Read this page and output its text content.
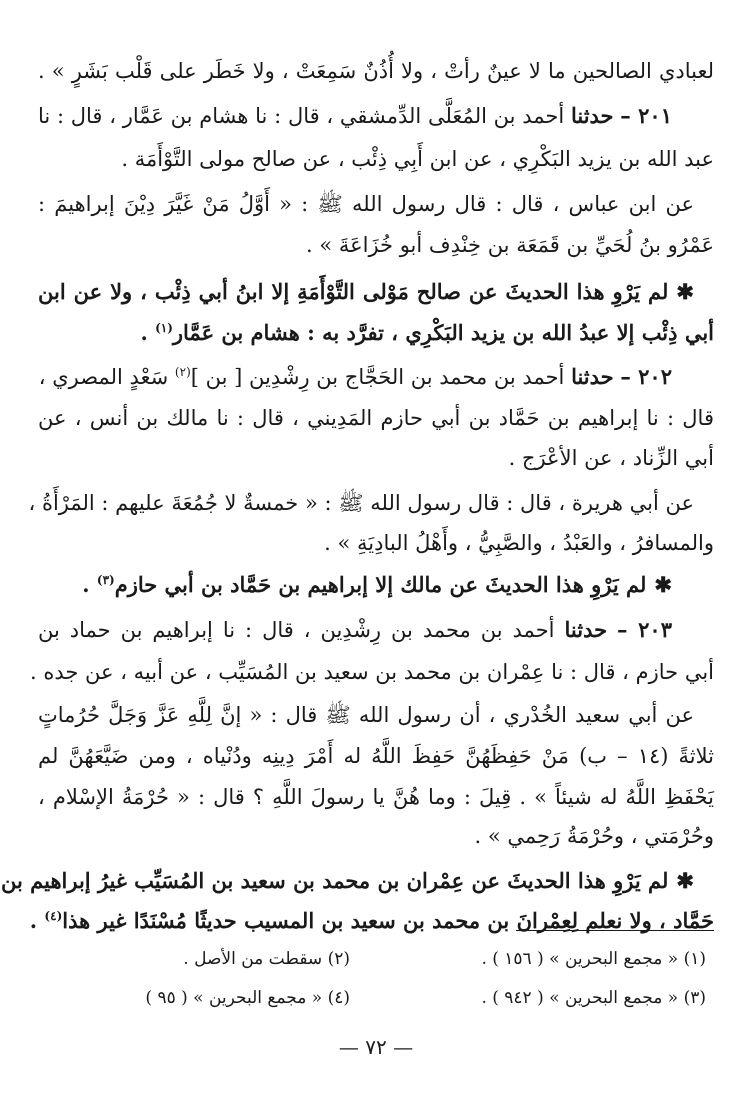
لعبادي الصالحين ما لا عينٌ رأتْ ، ولا أُذُنٌ سَمِعَتْ ، ولا خَطَر على قَلْب بَشَرٍ » .
٢٠١ – حدثنا أحمد بن المُعَلَّى الدِّمشقي ، قال : نا هشام بن عَمَّار ، قال : نا
عبد الله بن يزيد البَكْرِي ، عن ابن أَبِي ذِئْب ، عن صالح مولى التَّوْأَمَة .
عن ابن عباس ، قال : قال رسول الله ﷺ : « أَوَّلُ مَنْ غَيَّرَ دِيْنَ إبراهيمَ :
عَمْرُو بنُ لُحَيِّ بن قَمَعَة بن خِنْدِف أبو خُزَاعَةَ » .
✱لم يَرْوِ هذا الحديثَ عن صالح مَوْلى التَّوْأَمَةِ إلا ابنُ أبي ذِئْب ، ولا عن ابن
أبي ذِئْب إلا عبدُ الله بن يزيد البَكْرِي ، تفرَّد به : هشام بن عَمَّار$^{(١)}$ .
٢٠٢ – حدثنا أحمد بن محمد بن الحَجَّاج بن رِشْدِين [ بن ]$^{(٢)}$ سَعْدٍ المصري ،
قال : نا إبراهيم بن حَمَّاد بن أبي حازم المَدِيني ، قال : نا مالك بن أنس ، عن
أبي الزِّناد ، عن الأعْرَج .
عن أبي هريرة ، قال : قال رسول الله ﷺ : « خمسةٌ لا جُمُعَةَ عليهم : المَرْأَةُ ،
والمسافرُ ، والعَبْدُ ، والصَّبِيُّ ، وأَهْلُ البادِيَةِ » .
✱لم يَرْوِ هذا الحديثَ عن مالك إلا إبراهيم بن حَمَّاد بن أبي حازم$^{(٣)}$ .
٢٠٣ – حدثنا أحمد بن محمد بن رِشْدِين ، قال : نا إبراهيم بن حماد بن
أبي حازم ، قال : نا عِمْران بن محمد بن سعيد بن المُسَيِّب ، عن أبيه ، عن جده .
عن أبي سعيد الخُدْري ، أن رسول الله ﷺ قال : « إنَّ لِلَّهِ عَزَّ وَجَلَّ حُرُماتٍ
ثلاثةً (١٤ – ب) مَنْ حَفِظَهُنَّ حَفِظَ اللَّهُ له أَمْرَ دِينِه ودُنْياه ، ومن ضَيَّعَهُنَّ لم
يَحْفَظِ اللَّهُ له شيئاً » . قِيلَ : وما هُنَّ يا رسولَ اللَّهِ ؟ قال : « حُرْمَةُ الإسْلام ،
وحُرْمَتي ، وحُرْمَةُ رَحِمي » .
✱لم يَرْوِ هذا الحديثَ عن عِمْران بن محمد بن سعيد بن المُسَيِّب غيرُ إبراهيم بن
حَمَّاد ، ولا نعلم لِعِمْرانَ بن محمد بن سعيد بن المسيب حديثًا مُسْنَدًا غير هذا$^{(٤)}$ .
(١) « مجمع البحرين » ( ١٥٦ ) .
(٢) سقطت من الأصل .
(٣) « مجمع البحرين » ( ٩٤٢ ) .
(٤) « مجمع البحرين » ( ٩٥ )
— ٧٢ —
